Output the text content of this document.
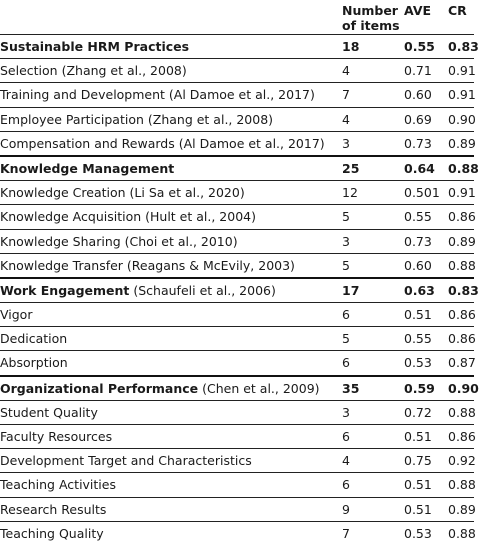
Number of items
AVE CR
Sustainable HRM Practices	18	0.55 0.83
Selection (Zhang et al., 2008)	4	0.71 0.91
Training and Development (Al Damoe et al., 2017) 7	0.60 0.91
Employee Participation (Zhang et al., 2008)	4	0.69 0.90
Compensation and Rewards (Al Damoe et al., 2017) 3	0.73 0.89
Knowledge Management	25	0.64 0.88
Knowledge Creation (Li Sa et al., 2020)	12	0.501 0.91
Knowledge Acquisition (Hult et al., 2004)	5	0.55 0.86
Knowledge Sharing (Choi et al., 2010)	3	0.73 0.89
Knowledge Transfer (Reagans & McEvily, 2003)	5	0.60 0.88
Work Engagement (Schaufeli et al., 2006)	17	0.63 0.83
Vigor	6	0.51 0.86
Dedication	5	0.55 0.86
Absorption	6	0.53 0.87
Organizational Performance (Chen et al., 2009) 35	0.59 0.90
Student Quality	3	0.72 0.88
Faculty Resources	6	0.51 0.86
Development Target and Characteristics	4	0.75 0.92
Teaching Activities	6	0.51 0.88
Research Results	9	0.51 0.89
Teaching Quality	7	0.53 0.88
